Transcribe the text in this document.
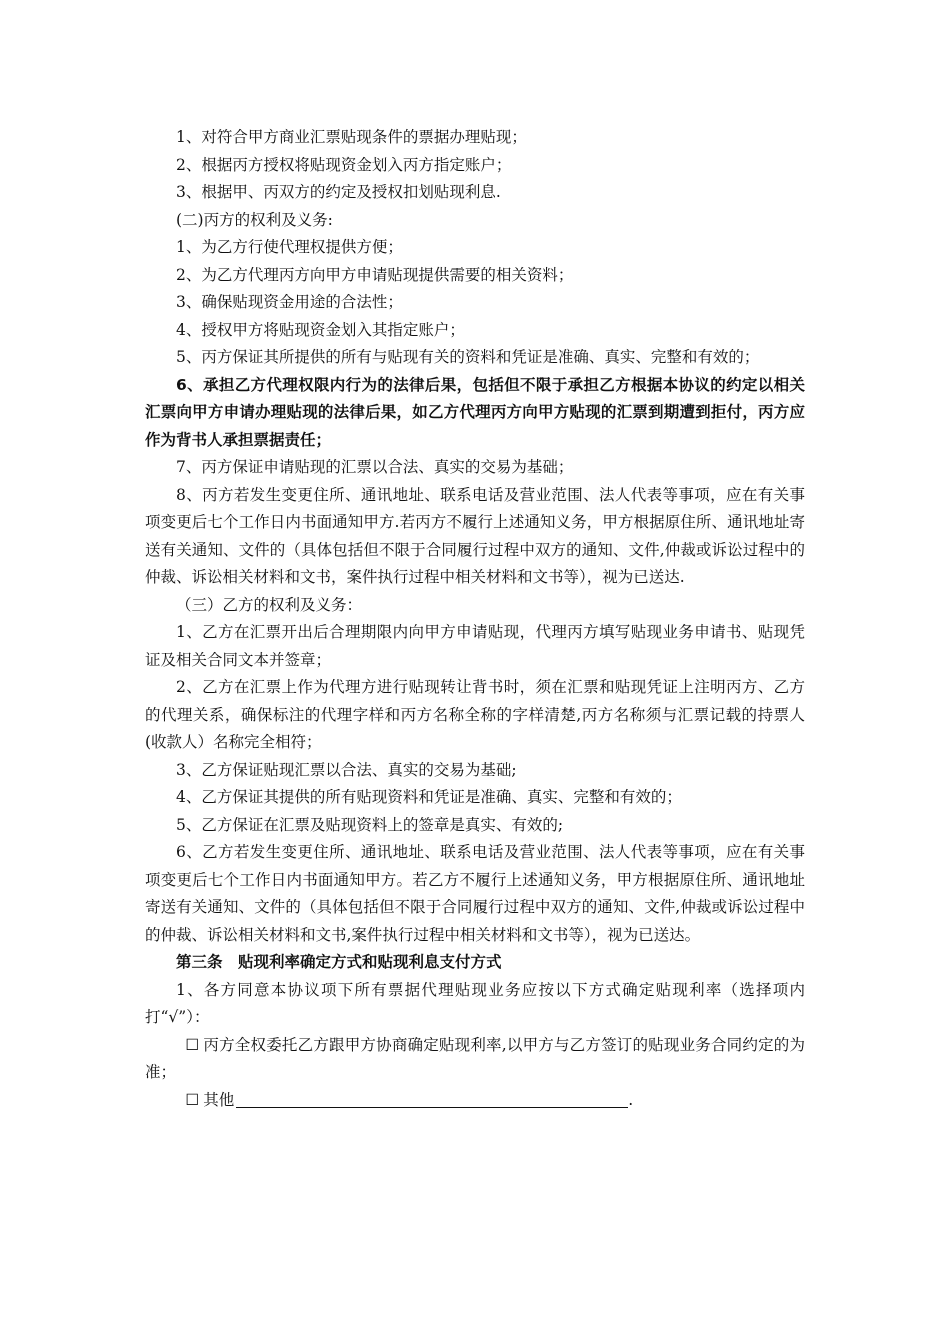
1、对符合甲方商业汇票贴现条件的票据办理贴现；

2、根据丙方授权将贴现资金划入丙方指定账户；

3、根据甲、丙双方的约定及授权扣划贴现利息.

(二)丙方的权利及义务:

1、为乙方行使代理权提供方便；

2、为乙方代理丙方向甲方申请贴现提供需要的相关资料；

3、确保贴现资金用途的合法性；

4、授权甲方将贴现资金划入其指定账户；

5、丙方保证其所提供的所有与贴现有关的资料和凭证是准确、真实、完整和有效的；

6、承担乙方代理权限内行为的法律后果，包括但不限于承担乙方根据本协议的约定以相关汇票向甲方申请办理贴现的法律后果，如乙方代理丙方向甲方贴现的汇票到期遭到拒付，丙方应作为背书人承担票据责任；

7、丙方保证申请贴现的汇票以合法、真实的交易为基础；

8、丙方若发生变更住所、通讯地址、联系电话及营业范围、法人代表等事项，应在有关事项变更后七个工作日内书面通知甲方.若丙方不履行上述通知义务，甲方根据原住所、通讯地址寄送有关通知、文件的（具体包括但不限于合同履行过程中双方的通知、文件,仲裁或诉讼过程中的仲裁、诉讼相关材料和文书，案件执行过程中相关材料和文书等），视为已送达.

（三）乙方的权利及义务：

1、乙方在汇票开出后合理期限内向甲方申请贴现，代理丙方填写贴现业务申请书、贴现凭证及相关合同文本并签章；

2、乙方在汇票上作为代理方进行贴现转让背书时，须在汇票和贴现凭证上注明丙方、乙方的代理关系，确保标注的代理字样和丙方名称全称的字样清楚,丙方名称须与汇票记载的持票人(收款人）名称完全相符；

3、乙方保证贴现汇票以合法、真实的交易为基础;

4、乙方保证其提供的所有贴现资料和凭证是准确、真实、完整和有效的；

5、乙方保证在汇票及贴现资料上的签章是真实、有效的;

6、乙方若发生变更住所、通讯地址、联系电话及营业范围、法人代表等事项，应在有关事项变更后七个工作日内书面通知甲方。若乙方不履行上述通知义务，甲方根据原住所、通讯地址寄送有关通知、文件的（具体包括但不限于合同履行过程中双方的通知、文件,仲裁或诉讼过程中的仲裁、诉讼相关材料和文书,案件执行过程中相关材料和文书等），视为已送达。

第三条　贴现利率确定方式和贴现利息支付方式

1、各方同意本协议项下所有票据代理贴现业务应按以下方式确定贴现利率（选择项内打“√”）：

☐ 丙方全权委托乙方跟甲方协商确定贴现利率,以甲方与乙方签订的贴现业务合同约定的为准；

☐ 其他	.
